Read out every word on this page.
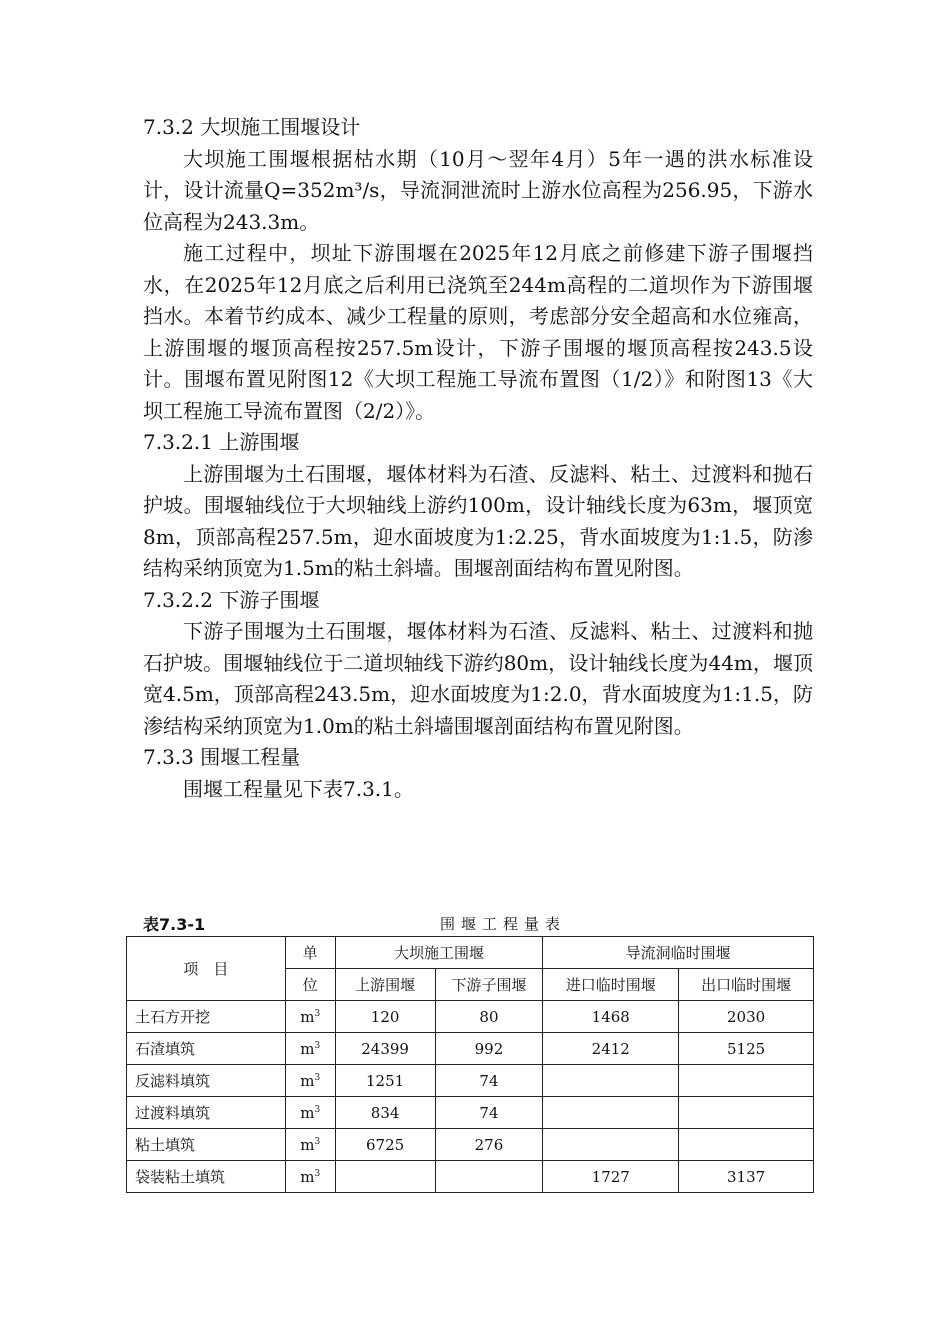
7.3.2 大坝施工围堰设计

大坝施工围堰根据枯水期（10月～翌年4月）5年一遇的洪水标准设计，设计流量Q=352m³/s，导流洞泄流时上游水位高程为256.95，下游水位高程为243.3m。

施工过程中，坝址下游围堰在2025年12月底之前修建下游子围堰挡水，在2025年12月底之后利用已浇筑至244m高程的二道坝作为下游围堰挡水。本着节约成本、减少工程量的原则，考虑部分安全超高和水位雍高，上游围堰的堰顶高程按257.5m设计，下游子围堰的堰顶高程按243.5设计。围堰布置见附图12《大坝工程施工导流布置图（1/2）》和附图13《大坝工程施工导流布置图（2/2）》。

7.3.2.1 上游围堰

上游围堰为土石围堰，堰体材料为石渣、反滤料、粘土、过渡料和抛石护坡。围堰轴线位于大坝轴线上游约100m，设计轴线长度为63m，堰顶宽8m，顶部高程257.5m，迎水面坡度为1:2.25，背水面坡度为1:1.5，防渗结构采纳顶宽为1.5m的粘土斜墙。围堰剖面结构布置见附图。

7.3.2.2 下游子围堰

下游子围堰为土石围堰，堰体材料为石渣、反滤料、粘土、过渡料和抛石护坡。围堰轴线位于二道坝轴线下游约80m，设计轴线长度为44m，堰顶宽4.5m，顶部高程243.5m，迎水面坡度为1:2.0，背水面坡度为1:1.5，防渗结构采纳顶宽为1.0m的粘土斜墙围堰剖面结构布置见附图。

7.3.3 围堰工程量

围堰工程量见下表7.3.1。

表7.3-1	围堰工程量表
项　目	单	大坝施工围堰		导流洞临时围堰	
	位	上游围堰	下游子围堰	进口临时围堰	出口临时围堰
土石方开挖	$m^3$	120	80	1468	2030
石渣填筑	$m^3$	24399	992	2412	5125
反滤料填筑	$m^3$	1251	74		
过渡料填筑	$m^3$	834	74		
粘土填筑	$m^3$	6725	276		
袋装粘土填筑	$m^3$			1727	3137
